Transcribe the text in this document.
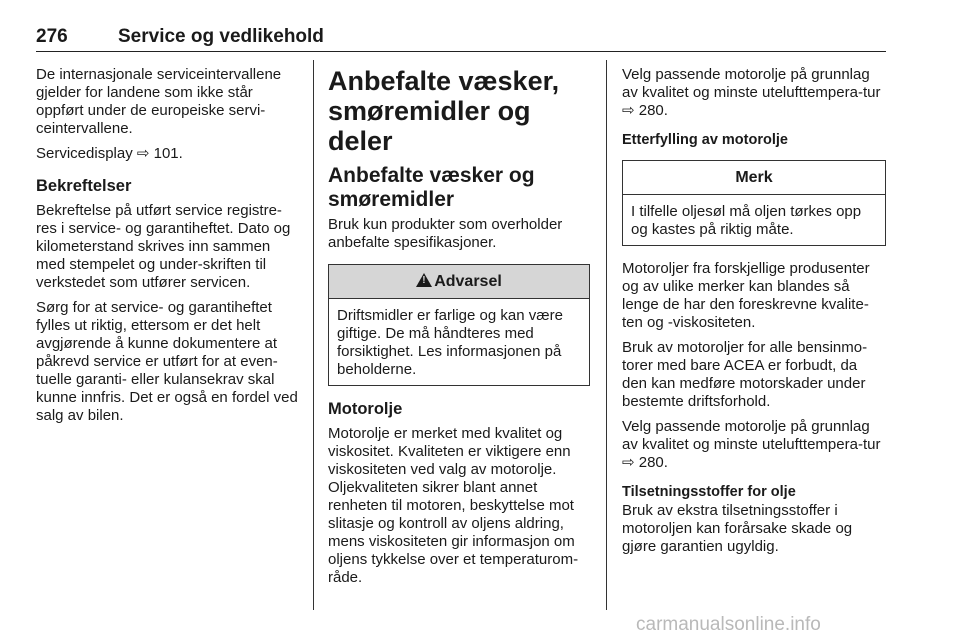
276	Service og vedlikehold

De internasjonale serviceintervallene gjelder for landene som ikke står oppført under de europeiske servi-ceintervallene.

Servicedisplay ⇨ 101.

Bekreftelser

Bekreftelse på utført service registre-res i service- og garantiheftet. Dato og kilometerstand skrives inn sammen med stempelet og under-skriften til verkstedet som utfører servicen.

Sørg for at service- og garantiheftet fylles ut riktig, ettersom er det helt avgjørende å kunne dokumentere at påkrevd service er utført for at even-tuelle garanti- eller kulansekrav skal kunne innfris. Det er også en fordel ved salg av bilen.

Anbefalte væsker, smøremidler og deler
Anbefalte væsker og smøremidler

Bruk kun produkter som overholder anbefalte spesifikasjoner.

!Advarsel

Driftsmidler er farlige og kan være giftige. De må håndteres med forsiktighet. Les informasjonen på beholderne.

Motorolje

Motorolje er merket med kvalitet og viskositet. Kvaliteten er viktigere enn viskositeten ved valg av motorolje. Oljekvaliteten sikrer blant annet renheten til motoren, beskyttelse mot slitasje og kontroll av oljens aldring, mens viskositeten gir informasjon om oljens tykkelse over et temperaturom-råde.

Velg passende motorolje på grunnlag av kvalitet og minste utelufttempera-tur ⇨ 280.

Etterfylling av motorolje
Merk

I tilfelle oljesøl må oljen tørkes opp og kastes på riktig måte.

Motoroljer fra forskjellige produsenter og av ulike merker kan blandes så lenge de har den foreskrevne kvalite-ten og -viskositeten.

Bruk av motoroljer for alle bensinmo-torer med bare ACEA er forbudt, da den kan medføre motorskader under bestemte driftsforhold.

Velg passende motorolje på grunnlag av kvalitet og minste utelufttempera-tur ⇨ 280.

Tilsetningsstoffer for olje

Bruk av ekstra tilsetningsstoffer i motoroljen kan forårsake skade og gjøre garantien ugyldig.

carmanualsonline.info
